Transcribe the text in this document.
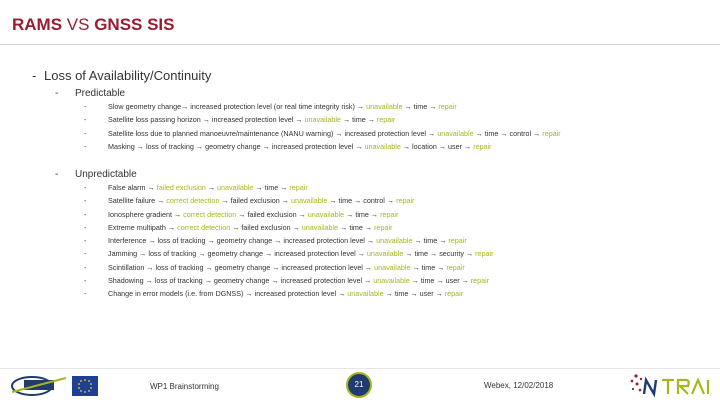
RAMS VS GNSS SIS
- Loss of Availability/Continuity
- Predictable
-	Slow geometry change→ increased protection level (or real time integrity risk) → unavailable → time → repair
-	Satellite loss passing horizon → increased protection level → unavailable → time → repair
-	Satellite loss due to planned manoeuvre/maintenance (NANU warning) → increased protection level → unavailable → time → control → repair
-	Masking → loss of tracking → geometry change → increased protection level → unavailable → location → user → repair
- Unpredictable
-	False alarm → failed exclusion → unavailable → time → repair
-	Satellite failure → correct detection → failed exclusion → unavailable → time → control → repair
-	Ionosphere gradient → correct detection → failed exclusion → unavailable → time → repair
-	Extreme multipath → correct detection → failed exclusion → unavailable → time → repair
-	Interference → loss of tracking → geometry change → increased protection level → unavailable → time → repair
-	Jamming → loss of tracking → geometry change → increased protection level → unavailable → time → security → repair
-	Scintillation → loss of tracking → geometry change → increased protection level → unavailable → time → repair
-	Shadowing → loss of tracking → geometry change → increased protection level → unavailable → time → user → repair
-	Change in error models (i.e. from DGNSS) → increased protection level → unavailable → time → user → repair
WP1 Brainstorming	21	Webex, 12/02/2018
